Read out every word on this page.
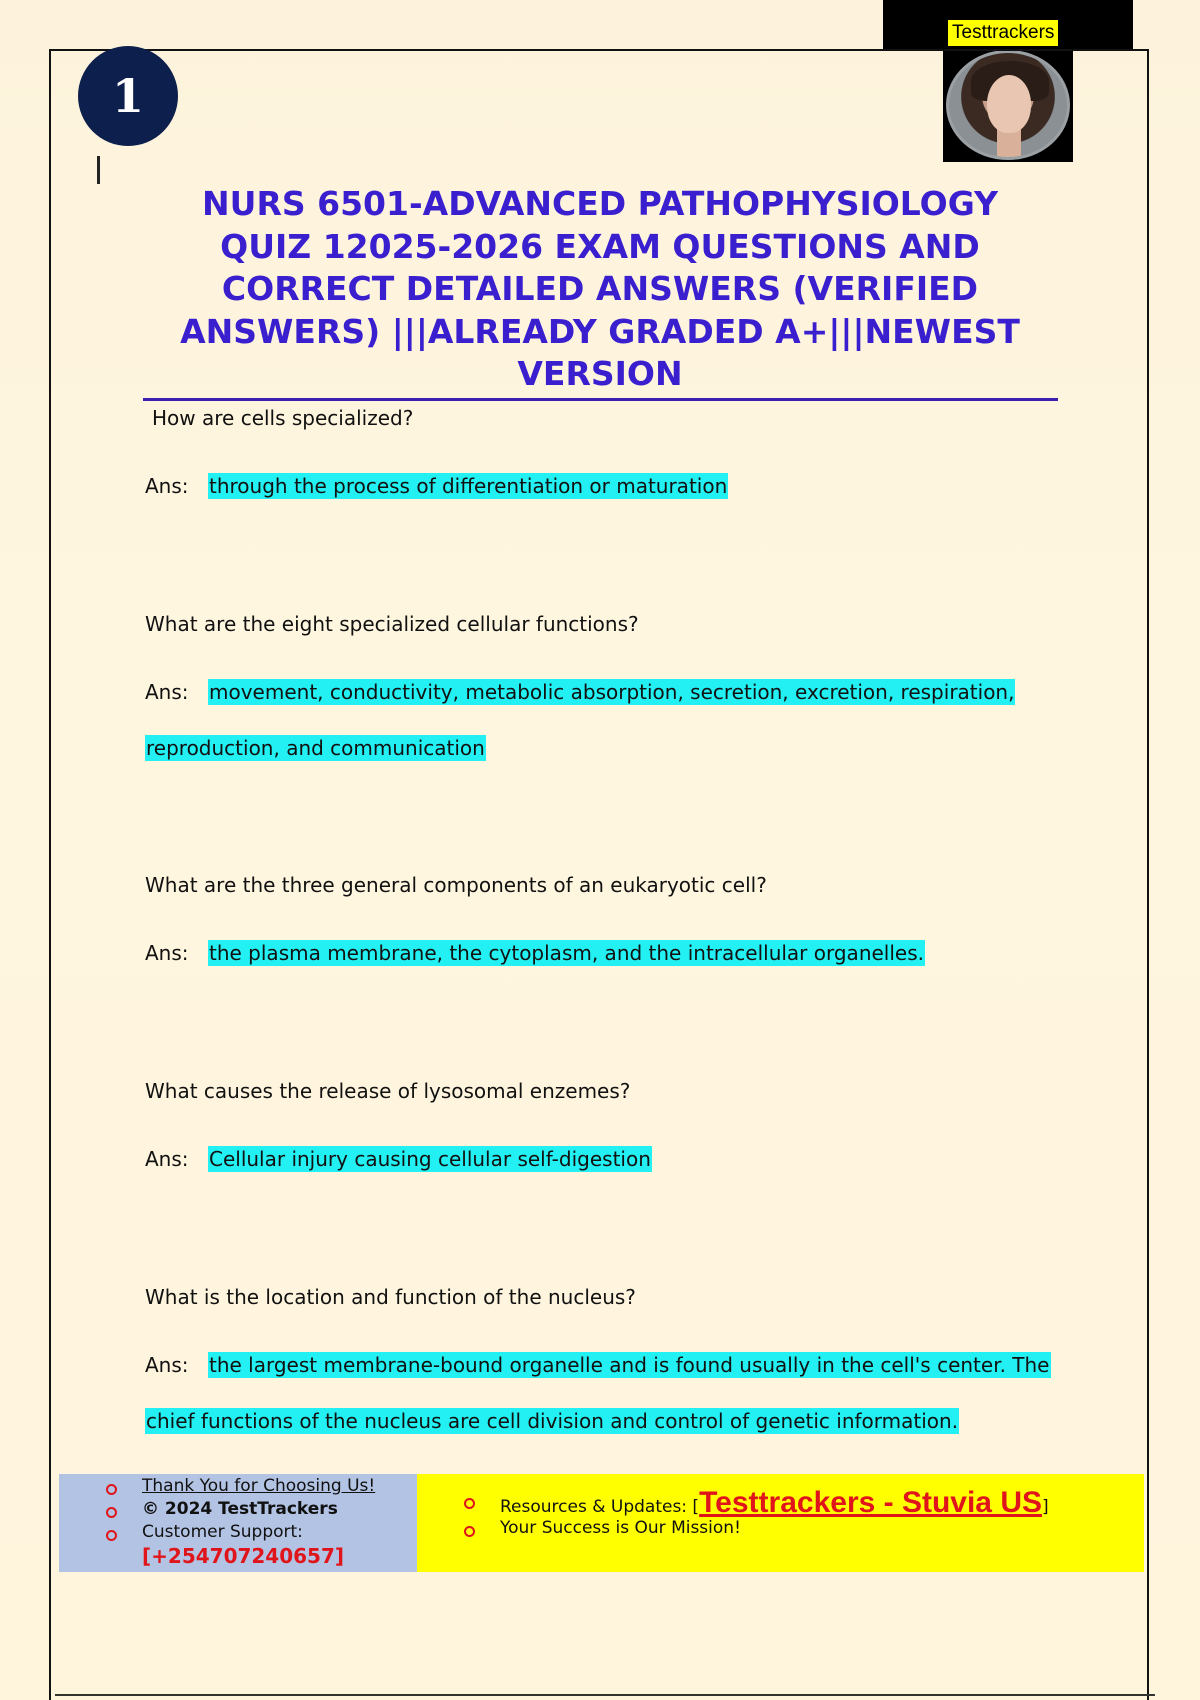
Testtrackers
1
NURS 6501-ADVANCED PATHOPHYSIOLOGY
QUIZ 12025-2026 EXAM QUESTIONS AND
CORRECT DETAILED ANSWERS (VERIFIED
ANSWERS) |||ALREADY GRADED A+|||NEWEST
VERSION

How are cells specialized?

Ans: through the process of differentiation or maturation

What are the eight specialized cellular functions?

Ans: movement, conductivity, metabolic absorption, secretion, excretion, respiration,
reproduction, and communication

What are the three general components of an eukaryotic cell?

Ans: the plasma membrane, the cytoplasm, and the intracellular organelles.

What causes the release of lysosomal enzemes?

Ans: Cellular injury causing cellular self-digestion

What is the location and function of the nucleus?

Ans: the largest membrane-bound organelle and is found usually in the cell's center. The
chief functions of the nucleus are cell division and control of genetic information.
Thank You for Choosing Us!
© 2024 TestTrackers
Customer Support:
[+254707240657]
Resources & Updates: [Testtrackers - Stuvia US]
Your Success is Our Mission!
